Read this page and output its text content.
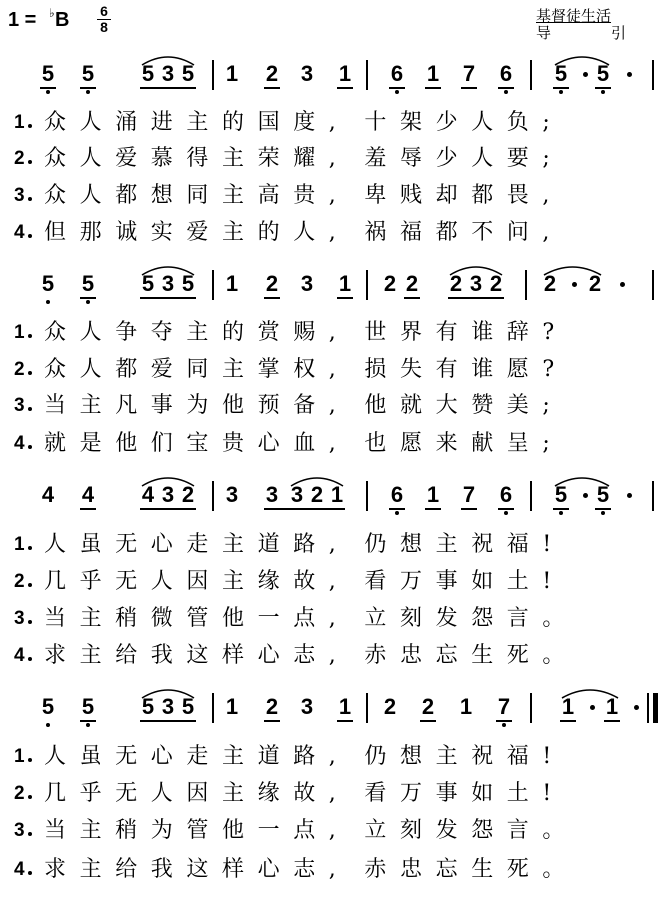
1 = ♭ B 6
8
基督徒生活
导	引
5 5 5 3 5 1 2 3 1 6 1 7 6 5 5
1 众 人 涌 进 主 的 国 度 , 十 架 少 人 负 ;
2 众 人 爱 慕 得 主 荣 耀 , 羞 辱 少 人 要 ;
3 众 人 都 想 同 主 高 贵 , 卑 贱 却 都 畏 ,
4 但 那 诚 实 爱 主 的 人 , 祸 福 都 不 问 ,
5 5 5 3 5 1 2 3 1 2 2 2 3 2 2 2
1 众 人 争 夺 主 的 赏 赐 , 世 界 有 谁 辞 ?
2 众 人 都 爱 同 主 掌 权 , 损 失 有 谁 愿 ?
3 当 主 凡 事 为 他 预 备 , 他 就 大 赞 美 ;
4 就 是 他 们 宝 贵 心 血 , 也 愿 来 献 呈 ;
4 4 4 3 2 3 3 3 2 1 6 1 7 6 5 5
1 人 虽 无 心 走 主 道 路 , 仍 想 主 祝 福 !
2 几 乎 无 人 因 主 缘 故 , 看 万 事 如 土 !
3 当 主 稍 微 管 他 一 点 , 立 刻 发 怨 言 。
4 求 主 给 我 这 样 心 志 , 赤 忠 忘 生 死 。
5 5 5 3 5 1 2 3 1 2 2 1 7 1 1
1 人 虽 无 心 走 主 道 路 , 仍 想 主 祝 福 !
2 几 乎 无 人 因 主 缘 故 , 看 万 事 如 土 !
3 当 主 稍 为 管 他 一 点 , 立 刻 发 怨 言 。
4 求 主 给 我 这 样 心 志 , 赤 忠 忘 生 死 。
